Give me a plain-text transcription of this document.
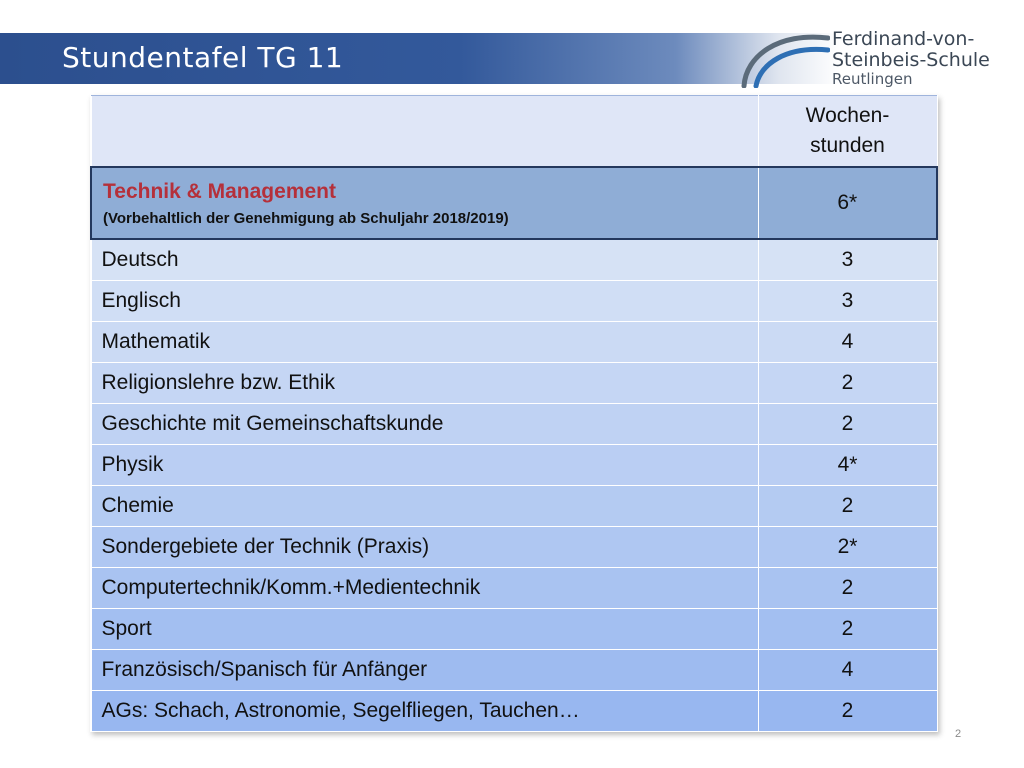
Stundentafel TG 11
Ferdinand-von-
Steinbeis-Schule
Reutlingen
	Wochen-
stunden

Technik & Management
(Vorbehaltlich der Genehmigung ab Schuljahr 2018/2019)	6*
Deutsch	3
Englisch	3
Mathematik	4
Religionslehre bzw. Ethik	2
Geschichte mit Gemeinschaftskunde	2
Physik	4*
Chemie	2
Sondergebiete der Technik (Praxis)	2*
Computertechnik/Komm.+Medientechnik	2
Sport	2
Französisch/Spanisch für Anfänger	4
AGs: Schach, Astronomie, Segelfliegen, Tauchen…	2
2
